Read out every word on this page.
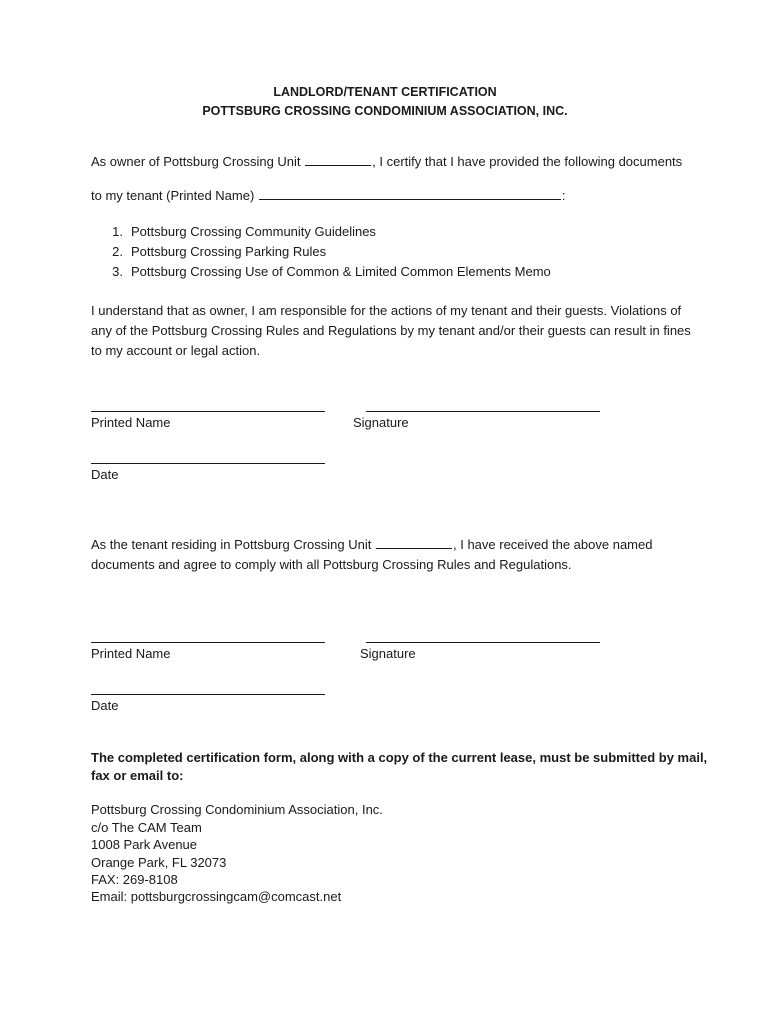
LANDLORD/TENANT CERTIFICATION
POTTSBURG CROSSING CONDOMINIUM ASSOCIATION, INC.
As owner of Pottsburg Crossing Unit	, I certify that I have provided the following documents
to my tenant (Printed Name)	:
1. Pottsburg Crossing Community Guidelines
2. Pottsburg Crossing Parking Rules
3. Pottsburg Crossing Use of Common & Limited Common Elements Memo
I understand that as owner, I am responsible for the actions of my tenant and their guests. Violations of
any of the Pottsburg Crossing Rules and Regulations by my tenant and/or their guests can result in fines
to my account or legal action.
Printed Name	Signature
Date
As the tenant residing in Pottsburg Crossing Unit	, I have received the above named
documents and agree to comply with all Pottsburg Crossing Rules and Regulations.
Printed Name	Signature
Date
The completed certification form, along with a copy of the current lease, must be submitted by mail,
fax or email to:
Pottsburg Crossing Condominium Association, Inc.
c/o The CAM Team
1008 Park Avenue
Orange Park, FL 32073
FAX: 269-8108
Email: pottsburgcrossingcam@comcast.net
